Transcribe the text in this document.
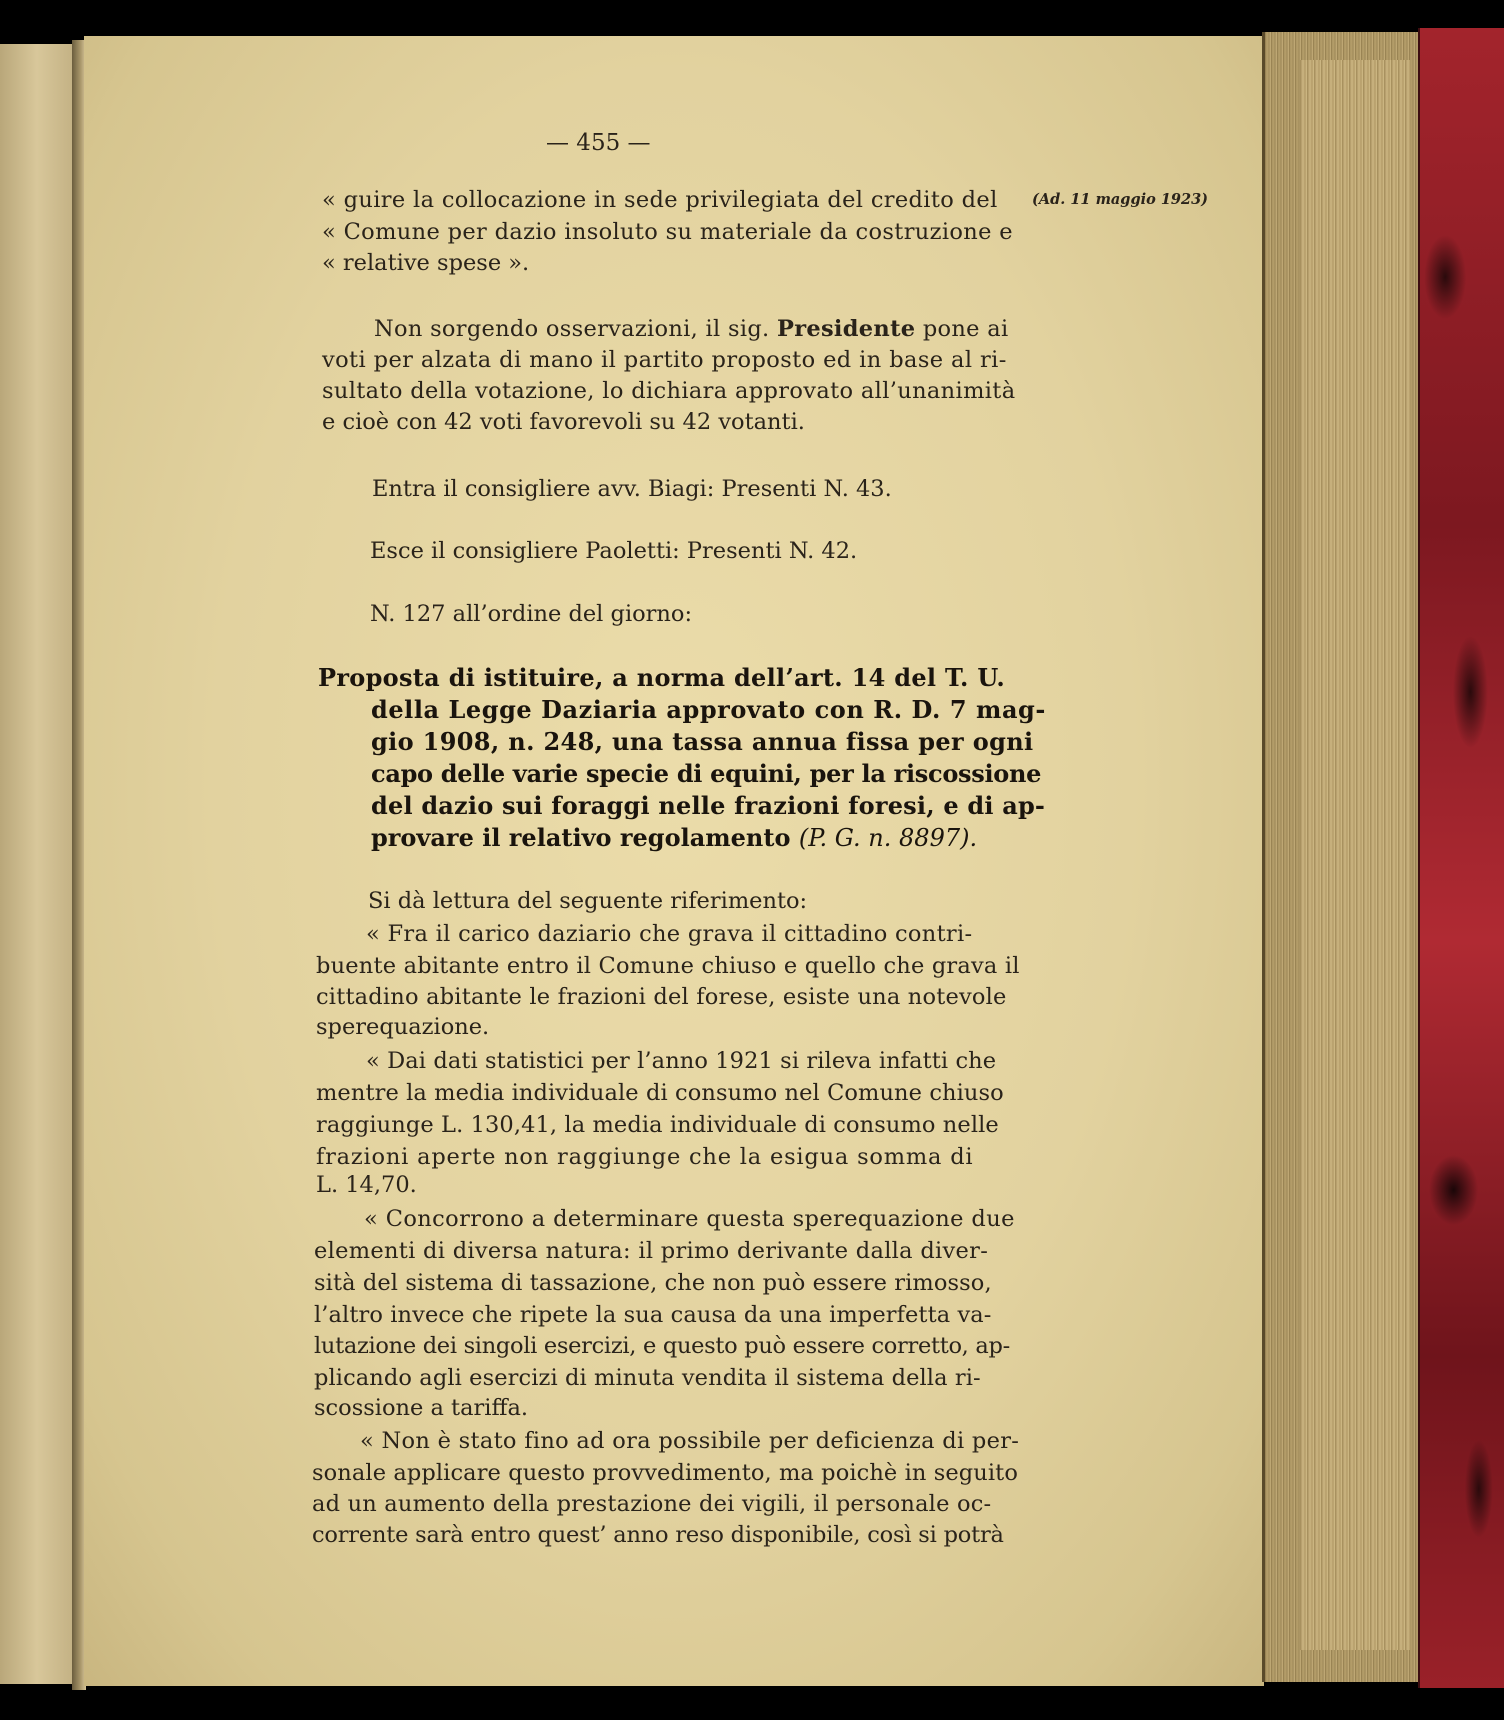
— 455 —
(Ad. 11 maggio 1923)
« guire la collocazione in sede privilegiata del credito del
« Comune per dazio insoluto su materiale da costruzione e
« relative spese ».
Non sorgendo osservazioni, il sig. Presidente pone ai
voti per alzata di mano il partito proposto ed in base al ri-
sultato della votazione, lo dichiara approvato all’unanimità
e cioè con 42 voti favorevoli su 42 votanti.
Entra il consigliere avv. Biagi: Presenti N. 43.
Esce il consigliere Paoletti: Presenti N. 42.
N. 127 all’ordine del giorno:
Proposta di istituire, a norma dell’art. 14 del T. U.
della Legge Daziaria approvato con R. D. 7 mag-
gio 1908, n. 248, una tassa annua fissa per ogni
capo delle varie specie di equini, per la riscossione
del dazio sui foraggi nelle frazioni foresi, e di ap-
provare il relativo regolamento (P. G. n. 8897).
Si dà lettura del seguente riferimento:
« Fra il carico daziario che grava il cittadino contri-
buente abitante entro il Comune chiuso e quello che grava il
cittadino abitante le frazioni del forese, esiste una notevole
sperequazione.
« Dai dati statistici per l’anno 1921 si rileva infatti che
mentre la media individuale di consumo nel Comune chiuso
raggiunge L. 130,41, la media individuale di consumo nelle
frazioni aperte non raggiunge che la esigua somma di
L. 14,70.
« Concorrono a determinare questa sperequazione due
elementi di diversa natura: il primo derivante dalla diver-
sità del sistema di tassazione, che non può essere rimosso,
l’altro invece che ripete la sua causa da una imperfetta va-
lutazione dei singoli esercizi, e questo può essere corretto, ap-
plicando agli esercizi di minuta vendita il sistema della ri-
scossione a tariffa.
« Non è stato fino ad ora possibile per deficienza di per-
sonale applicare questo provvedimento, ma poichè in seguito
ad un aumento della prestazione dei vigili, il personale oc-
corrente sarà entro quest’ anno reso disponibile, così si potrà
